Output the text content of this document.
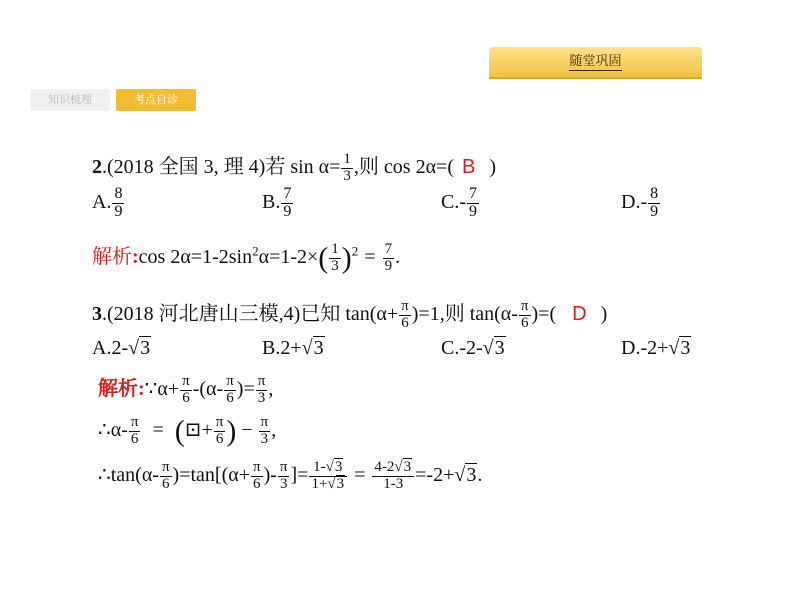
随堂巩固
知识梳理	考点自诊
2.(2018 全国 3, 理 4)若 $\sin \alpha= \frac{1}{3}$ ,则 cos 2α=( B )
A. $\frac{8}{9}$	B. $\frac{7}{9}$	$C.- \frac{7}{9}$	$D.- \frac{8}{9}$
解析:cos $2\alpha=1-2\sin^2\alpha=1-2\times( \frac{1}{3} )^2 = \frac{7}{9}$ .
3.(2018 河北唐山三模,4)已知 $\tan(\alpha+ \frac{\pi}{6} )=1$,则 $\tan(\alpha- \frac{\pi}{6}$ )=( D )
A.2-√3	B.2+√3	C.-2-√3	D.-2+√3
解析:∵α+ $\frac{\pi}{6} -(\alpha- \frac{\pi}{6}$ )= $\frac{\pi}{3}$ ,
∴α- $\frac{\pi}{6}$ = (⊡+ $\frac{\pi}{6}$ ) − $\frac{\pi}{3}$ ,
∴tan(α- $\frac{\pi}{6} )=\tan[(\alpha+ \frac{\pi}{6}$ )- $\frac{\pi}{3}$ ]= $\frac{1-√3}{1+√3} = \frac{4-2√3}{1-3} =-2+√3$.
